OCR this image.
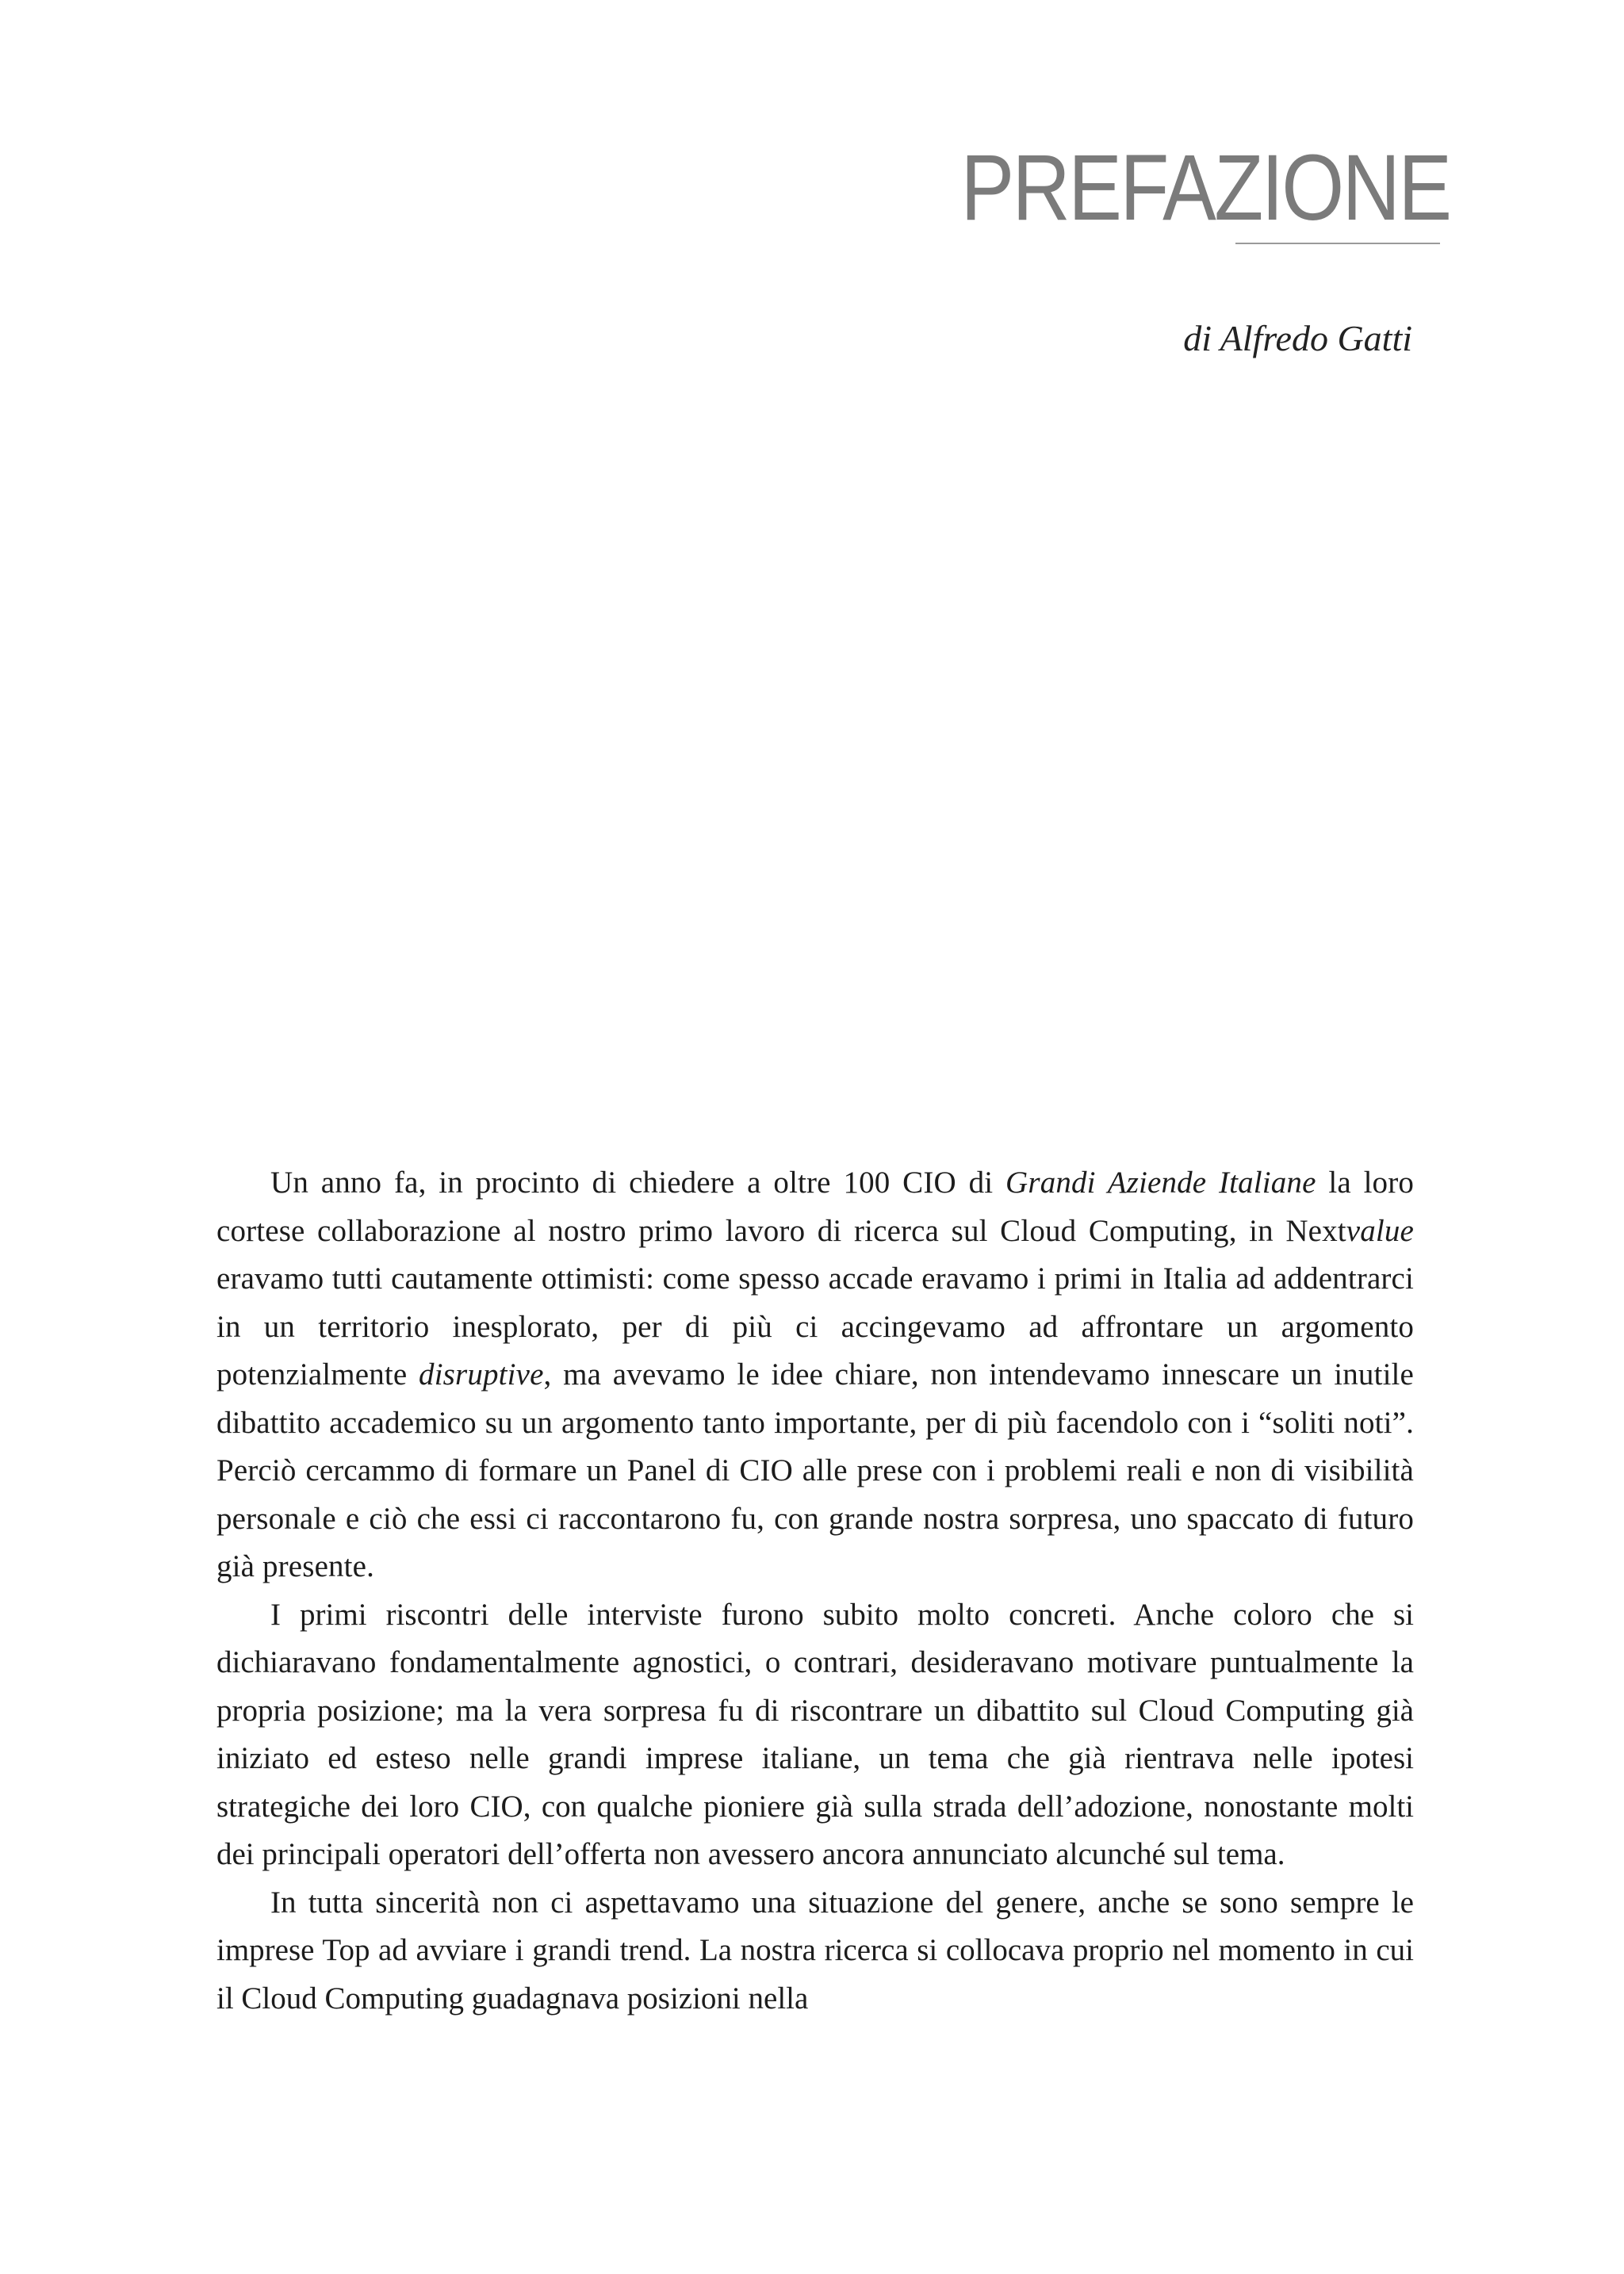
PREFAZIONE
di Alfredo Gatti

Un anno fa, in procinto di chiedere a oltre 100 CIO di Grandi Aziende Italiane la loro cortese collaborazione al nostro primo lavoro di ricerca sul Cloud Computing, in Nextvalue eravamo tutti cautamente ottimisti: come spesso accade eravamo i primi in Italia ad addentrarci in un territorio inesplorato, per di più ci accingevamo ad affrontare un argomento potenzialmente disruptive, ma avevamo le idee chiare, non intendevamo innescare un inutile dibattito accademico su un argomento tanto importante, per di più facendolo con i “soliti noti”. Perciò cercammo di formare un Panel di CIO alle prese con i problemi reali e non di visibilità personale e ciò che essi ci raccontarono fu, con grande nostra sorpresa, uno spaccato di futuro già presente.

I primi riscontri delle interviste furono subito molto concreti. Anche coloro che si dichiaravano fondamentalmente agnostici, o contrari, desideravano motivare puntualmente la propria posizione; ma la vera sorpresa fu di riscontrare un dibattito sul Cloud Computing già iniziato ed esteso nelle grandi imprese italiane, un tema che già rientrava nelle ipotesi strategiche dei loro CIO, con qualche pioniere già sulla strada dell’adozione, nonostante molti dei principali operatori dell’offerta non avessero ancora annunciato alcunché sul tema.

In tutta sincerità non ci aspettavamo una situazione del genere, anche se sono sempre le imprese Top ad avviare i grandi trend. La nostra ricerca si collocava proprio nel momento in cui il Cloud Computing guadagnava posizioni nella
